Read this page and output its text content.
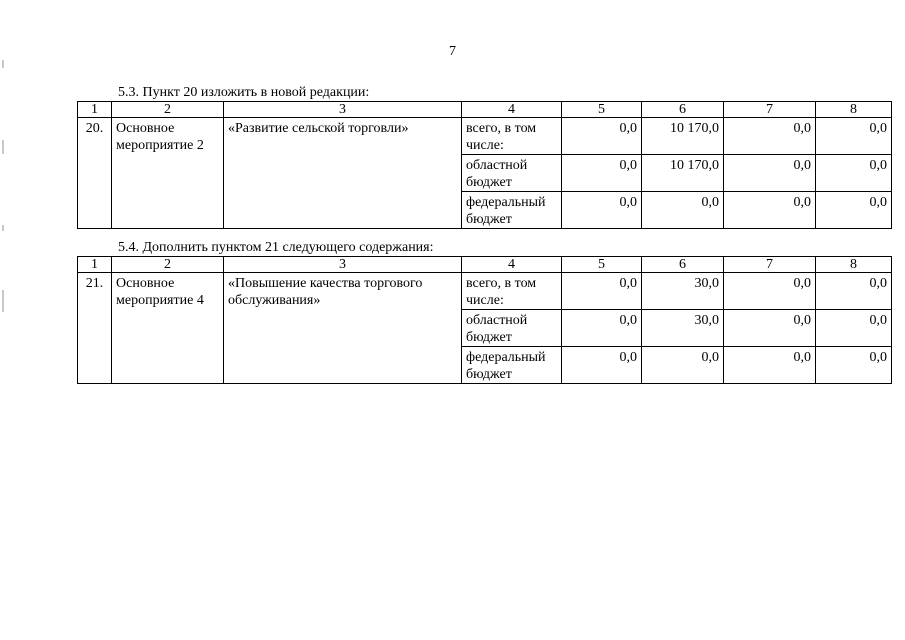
7
5.3. Пункт 20 изложить в новой редакции:
1	2	3	4	5	6	7	8
20.	Основное мероприятие 2	«Развитие сельской торговли»	всего, в том числе:	0,0	10 170,0	0,0	0,0
			областной бюджет	0,0	10 170,0	0,0	0,0
			федеральный бюджет	0,0	0,0	0,0	0,0
5.4. Дополнить пунктом 21 следующего содержания:
1	2	3	4	5	6	7	8
21.	Основное мероприятие 4	«Повышение качества торгового обслуживания»	всего, в том числе:	0,0	30,0	0,0	0,0
			областной бюджет	0,0	30,0	0,0	0,0
			федеральный бюджет	0,0	0,0	0,0	0,0
